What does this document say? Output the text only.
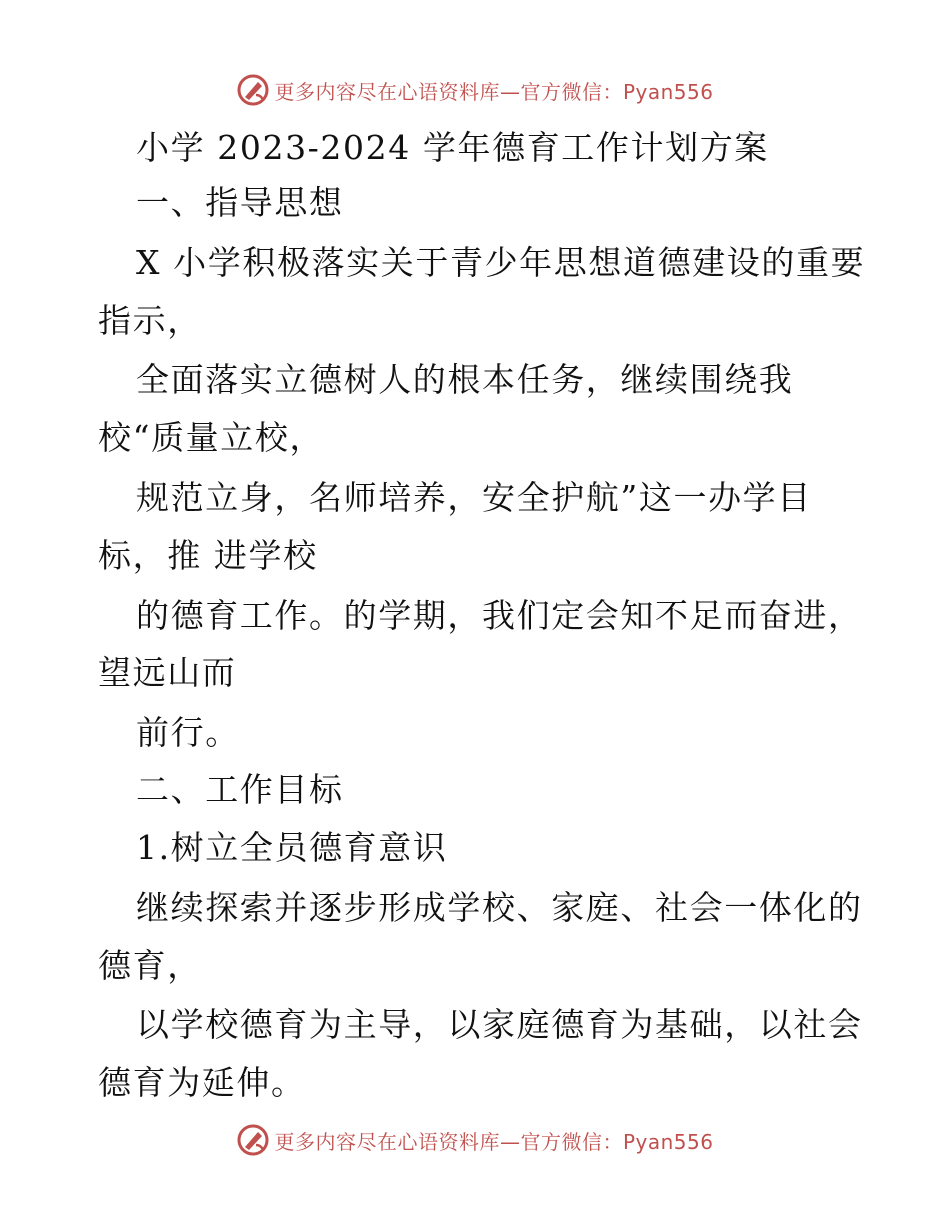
更多内容尽在心语资料库—官方微信：Pyan556
小学 2023-2024 学年德育工作计划方案
一、指导思想
X 小学积极落实关于青少年思想道德建设的重要
指示，
全面落实立德树人的根本任务，继续围绕我
校“质量立校，
规范立身，名师培养，安全护航”这一办学目
标，推 进学校
的德育工作。的学期，我们定会知不足而奋进，
望远山而
前行。
二、工作目标
1.树立全员德育意识
继续探索并逐步形成学校、家庭、社会一体化的
德育，
以学校德育为主导，以家庭德育为基础，以社会
德育为延伸。
更多内容尽在心语资料库—官方微信：Pyan556
